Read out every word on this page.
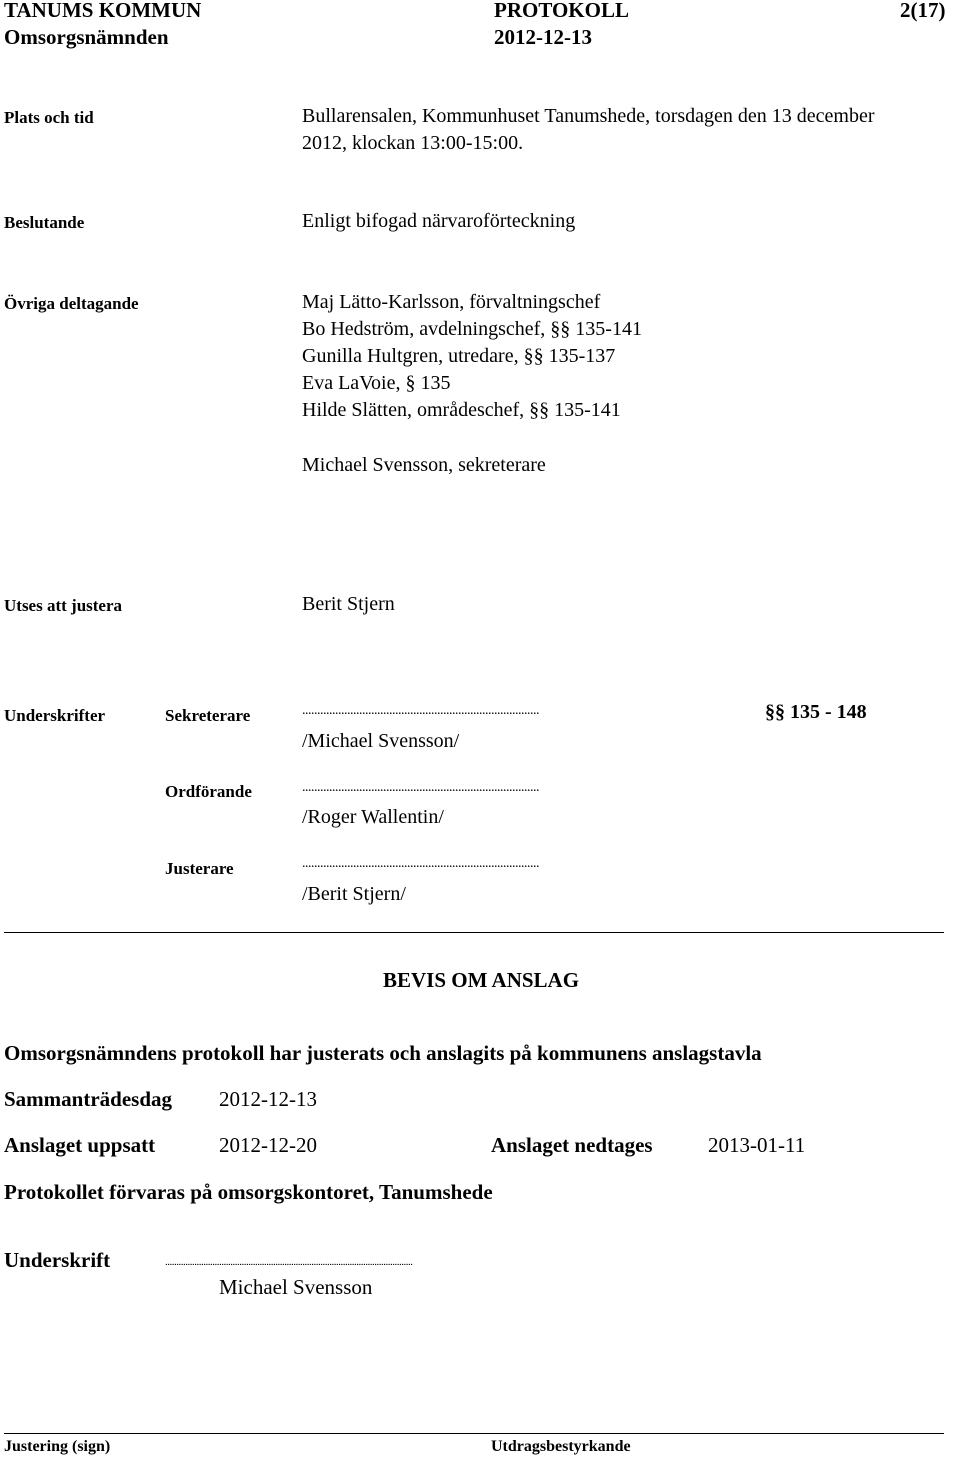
TANUMS KOMMUN	PROTOKOLL	2(17)
Omsorgsnämnden	2012-12-13
Plats och tid	Bullarensalen, Kommunhuset Tanumshede, torsdagen den 13 december
2012, klockan 13:00-15:00.
Beslutande	Enligt bifogad närvaroförteckning
Övriga deltagande	Maj Lätto-Karlsson, förvaltningschef
Bo Hedström, avdelningschef, §§ 135-141
Gunilla Hultgren, utredare, §§ 135-137
Eva LaVoie, § 135
Hilde Slätten, områdeschef, §§ 135-141
Michael Svensson, sekreterare
Utses att justera	Berit Stjern
Underskrifter	Sekreterare	...............................................................................	§§ 135 - 148
/Michael Svensson/
Ordförande	...............................................................................
/Roger Wallentin/
Justerare	...............................................................................
/Berit Stjern/
BEVIS OM ANSLAG
Omsorgsnämndens protokoll har justerats och anslagits på kommunens anslagstavla
Sammanträdesdag 2012-12-13
Anslaget uppsatt	2012-12-20	Anslaget nedtages	2013-01-11
Protokollet förvaras på omsorgskontoret, Tanumshede
Underskrift	..............................................................................................................
Michael Svensson
Justering (sign)	Utdragsbestyrkande
